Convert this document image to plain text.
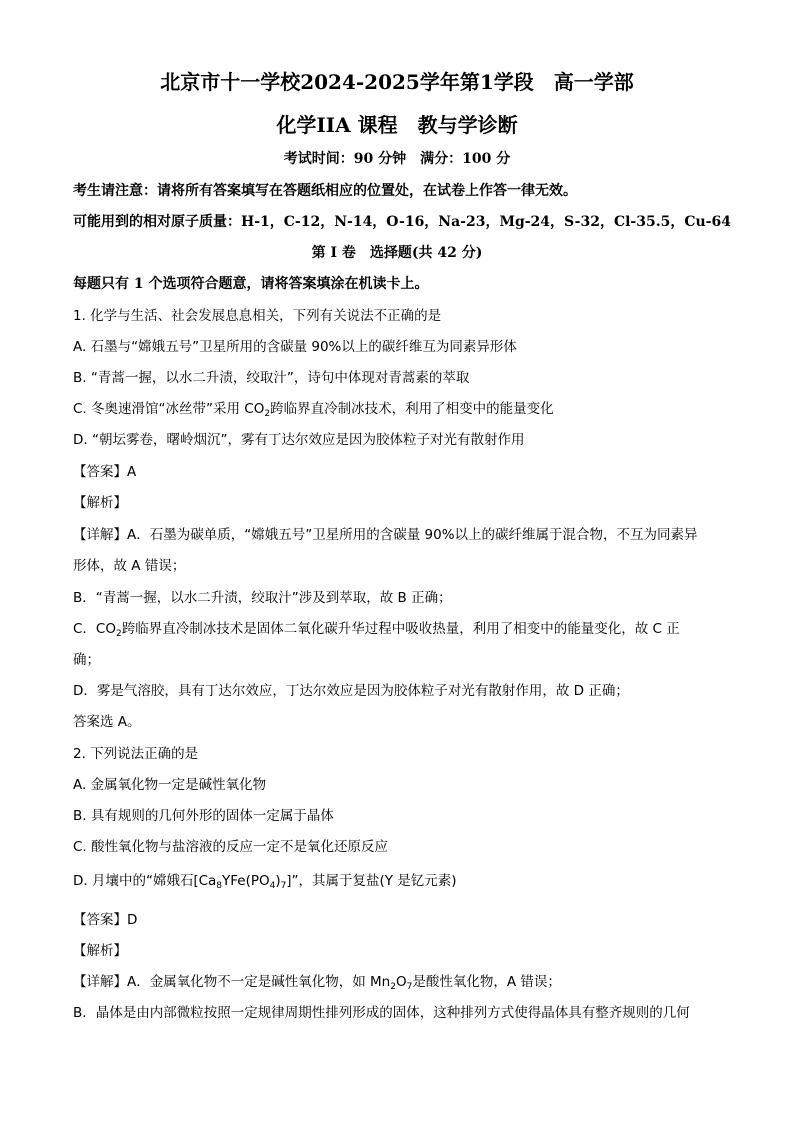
北京市十一学校2024-2025学年第1学段　高一学部
化学IIA 课程　教与学诊断
考试时间：90 分钟　满分：100 分
考生请注意：请将所有答案填写在答题纸相应的位置处，在试卷上作答一律无效。
可能用到的相对原子质量：H-1，C-12，N-14，O-16，Na-23，Mg-24，S-32，Cl-35.5，Cu-64
第 I 卷　选择题(共 42 分)
每题只有 1 个选项符合题意，请将答案填涂在机读卡上。
1. 化学与生活、社会发展息息相关，下列有关说法不正确的是
A. 石墨与“嫦娥五号”卫星所用的含碳量 90%以上的碳纤维互为同素异形体
B. “青蒿一握，以水二升渍，绞取汁”，诗句中体现对青蒿素的萃取
C. 冬奥速滑馆“冰丝带”采用 $CO_2$跨临界直冷制冰技术，利用了相变中的能量变化
D. “朝坛雾卷，曙岭烟沉”，雾有丁达尔效应是因为胶体粒子对光有散射作用
【答案】A
【解析】
【详解】A．石墨为碳单质，“嫦娥五号”卫星所用的含碳量 90%以上的碳纤维属于混合物，不互为同素异
形体，故 A 错误；
B．“青蒿一握，以水二升渍，绞取汁”涉及到萃取，故 B 正确；
C．$CO_2$跨临界直冷制冰技术是固体二氧化碳升华过程中吸收热量，利用了相变中的能量变化，故 C 正
确；
D．雾是气溶胶，具有丁达尔效应，丁达尔效应是因为胶体粒子对光有散射作用，故 D 正确；
答案选 A。
2. 下列说法正确的是
A. 金属氧化物一定是碱性氧化物
B. 具有规则的几何外形的固体一定属于晶体
C. 酸性氧化物与盐溶液的反应一定不是氧化还原反应
D. 月壤中的“嫦娥石$[Ca_8YFe(PO_4)_7]$”，其属于复盐(Y 是钇元素)
【答案】D
【解析】
【详解】A．金属氧化物不一定是碱性氧化物，如 $Mn_2O_7$是酸性氧化物，A 错误；
B．晶体是由内部微粒按照一定规律周期性排列形成的固体，这种排列方式使得晶体具有整齐规则的几何
